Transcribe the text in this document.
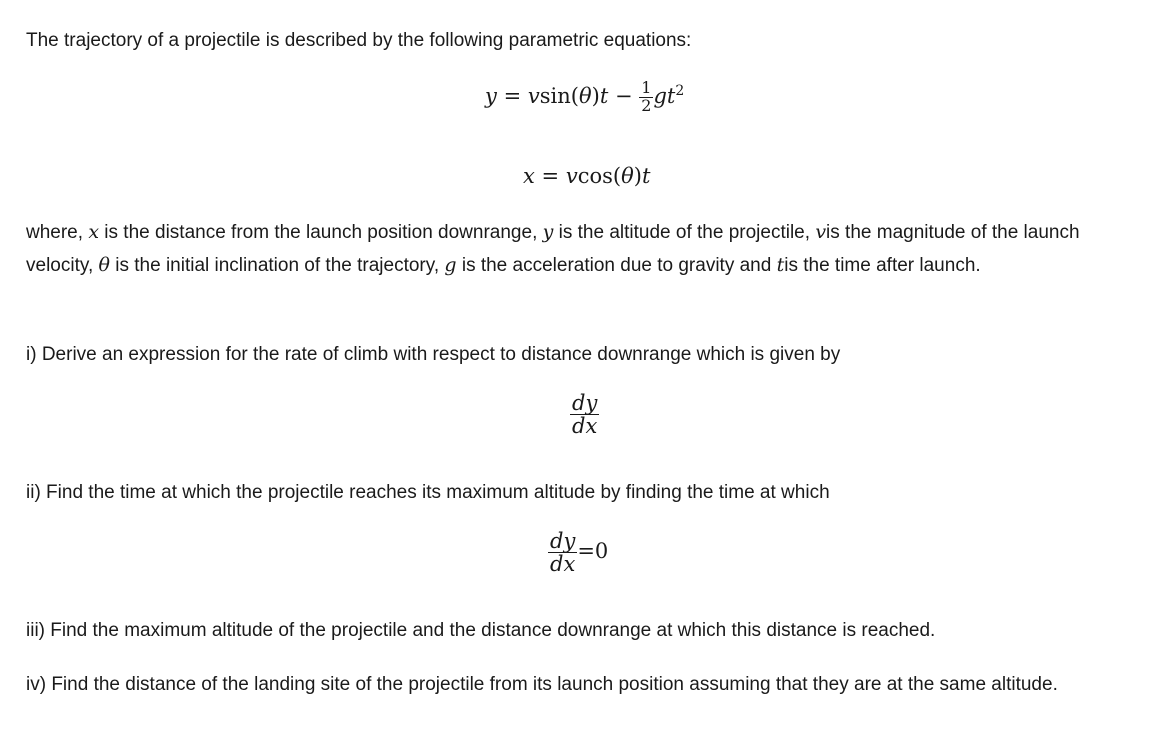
The trajectory of a projectile is described by the following parametric equations:

$y = vsin(\theta)t - \frac{1}{2} gt^2$
x = vcos(θ)t

where, x is the distance from the launch position downrange, y is the altitude of the projectile, vis the magnitude of the launch velocity, θ is the initial inclination of the trajectory, g is the acceleration due to gravity and tis the time after launch.

i) Derive an expression for the rate of climb with respect to distance downrange which is given by

$\frac{dy}{dx}$

ii) Find the time at which the projectile reaches its maximum altitude by finding the time at which

$\frac{dy}{dx} =0$

iii) Find the maximum altitude of the projectile and the distance downrange at which this distance is reached.

iv) Find the distance of the landing site of the projectile from its launch position assuming that they are at the same altitude.
